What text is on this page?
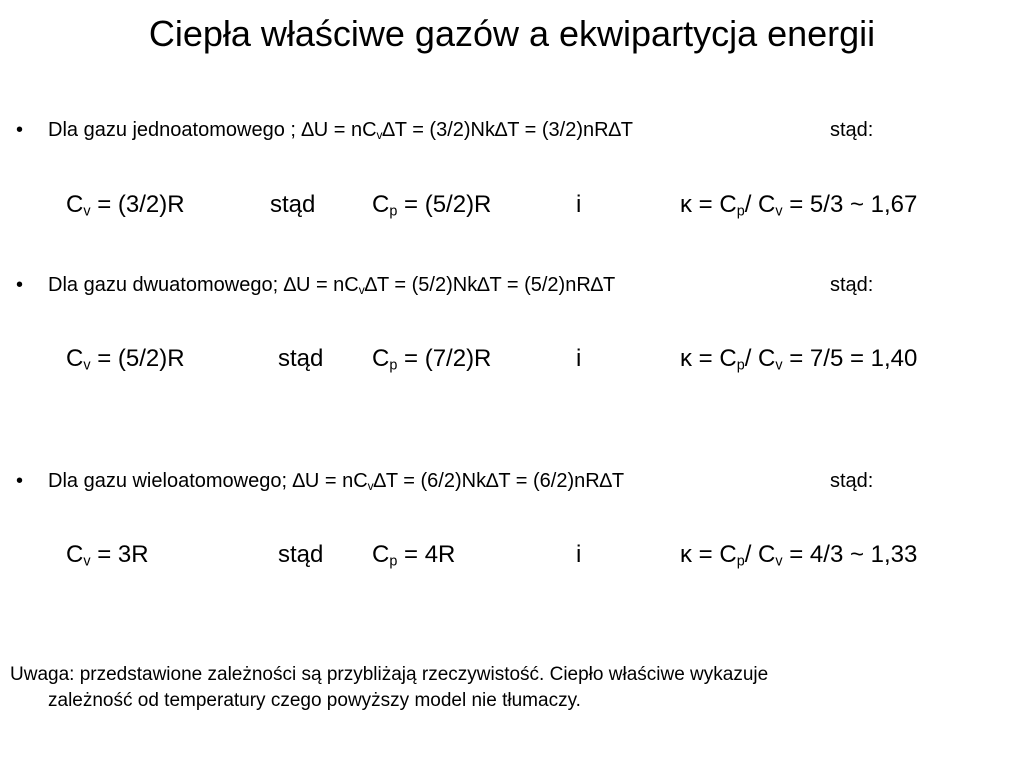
Ciepła właściwe gazów a ekwipartycja energii
• Dla gazu jednoatomowego ; $\Delta U = nC_v\Delta T = (3/2)Nk\Delta T = (3/2)nR\Delta T$	stąd:
$C_v = (3/2)R$	stąd $C_p = (5/2)R$	i	$\kappa = C_p/$ $C_v = 5/3$ ~ 1,67
• Dla gazu dwuatomowego; $\Delta U = nC_v\Delta T = (5/2)Nk\Delta T = (5/2)nR\Delta T$	stąd:
$C_v = (5/2)R$	stąd $C_p = (7/2)R$	i	$\kappa = C_p/$ $C_v = 7/5 = 1,40$
• Dla gazu wieloatomowego; $\Delta U = nC_v\Delta T = (6/2)Nk\Delta T = (6/2)nR\Delta T$	stąd:
$C_v = 3R$	stąd $C_p = 4R$	i	$\kappa = C_p/$ $C_v = 4/3$ ~ 1,33
Uwaga: przedstawione zależności są przybliżają rzeczywistość. Ciepło właściwe wykazuje
zależność od temperatury czego powyższy model nie tłumaczy.
